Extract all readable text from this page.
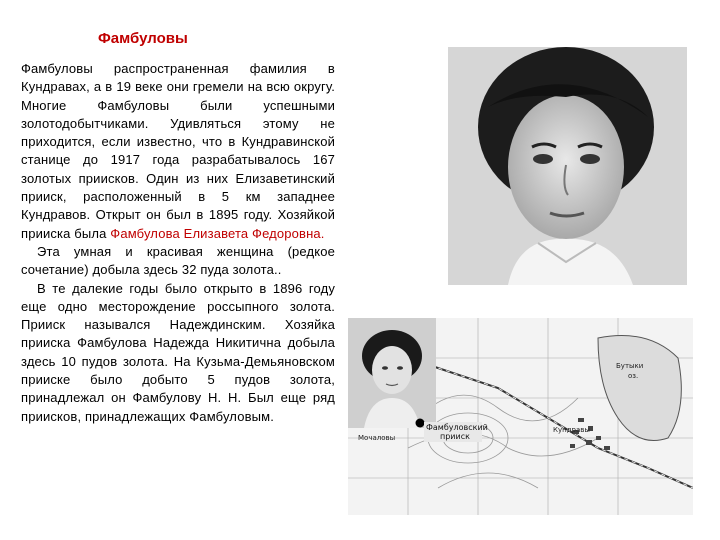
Фамбуловы

Фамбуловы распространенная фамилия в Кундравах, а в 19 веке они гремели на всю округу. Многие Фамбуловы были успешными золотодобытчиками. Удивляться этому не приходится, если известно, что в Кундравинской станице до 1917 года разрабатывалось 167 золотых приисков. Один из них Елизаветинский прииск, расположенный в 5 км западнее Кундравов. Открыт он был в 1895 году. Хозяйкой прииска была Фамбулова Елизавета Федоровна.

Эта умная и красивая женщина (редкое сочетание) добыла здесь 32 пуда золота..

В те далекие годы было открыто в 1896 году еще одно месторождение россыпного золота. Прииск назывался Надеждинским. Хозяйка прииска Фамбулова Надежда Никитична добыла здесь 10 пудов золота. На Кузьма-Демьяновском прииске было добыто 5 пудов золота, принадлежал он Фамбулову Н. Н. Был еще ряд приисков, принадлежащих Фамбуловым.

Фамбуловский
прииск
Кундравы
оз.
Бутыки
Мочаловы
